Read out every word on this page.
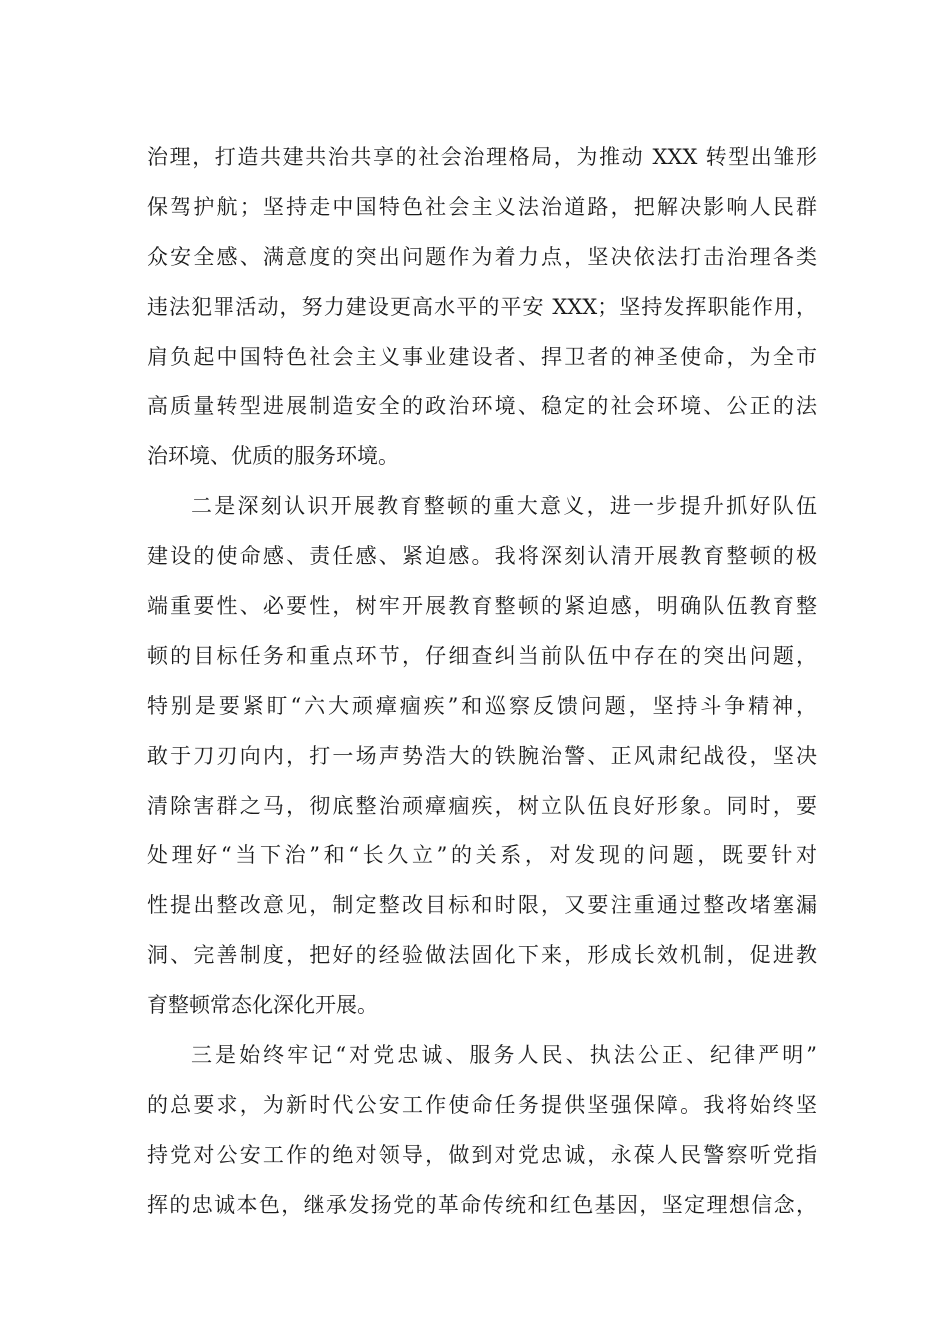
治理，打造共建共治共享的社会治理格局，为推动 XXX 转型出雏形
保驾护航；坚持走中国特色社会主义法治道路，把解决影响人民群
众安全感、满意度的突出问题作为着力点，坚决依法打击治理各类
违法犯罪活动，努力建设更高水平的平安 XXX；坚持发挥职能作用，
肩负起中国特色社会主义事业建设者、捍卫者的神圣使命，为全市
高质量转型进展制造安全的政治环境、稳定的社会环境、公正的法
治环境、优质的服务环境。
二是深刻认识开展教育整顿的重大意义，进一步提升抓好队伍
建设的使命感、责任感、紧迫感。我将深刻认清开展教育整顿的极
端重要性、必要性，树牢开展教育整顿的紧迫感，明确队伍教育整
顿的目标任务和重点环节，仔细查纠当前队伍中存在的突出问题，
特别是要紧盯“六大顽瘴痼疾”和巡察反馈问题，坚持斗争精神，
敢于刀刃向内，打一场声势浩大的铁腕治警、正风肃纪战役，坚决
清除害群之马，彻底整治顽瘴痼疾，树立队伍良好形象。同时，要
处理好“当下治”和“长久立”的关系，对发现的问题，既要针对
性提出整改意见，制定整改目标和时限，又要注重通过整改堵塞漏
洞、完善制度，把好的经验做法固化下来，形成长效机制，促进教
育整顿常态化深化开展。
三是始终牢记“对党忠诚、服务人民、执法公正、纪律严明”
的总要求，为新时代公安工作使命任务提供坚强保障。我将始终坚
持党对公安工作的绝对领导，做到对党忠诚，永葆人民警察听党指
挥的忠诚本色，继承发扬党的革命传统和红色基因，坚定理想信念，
